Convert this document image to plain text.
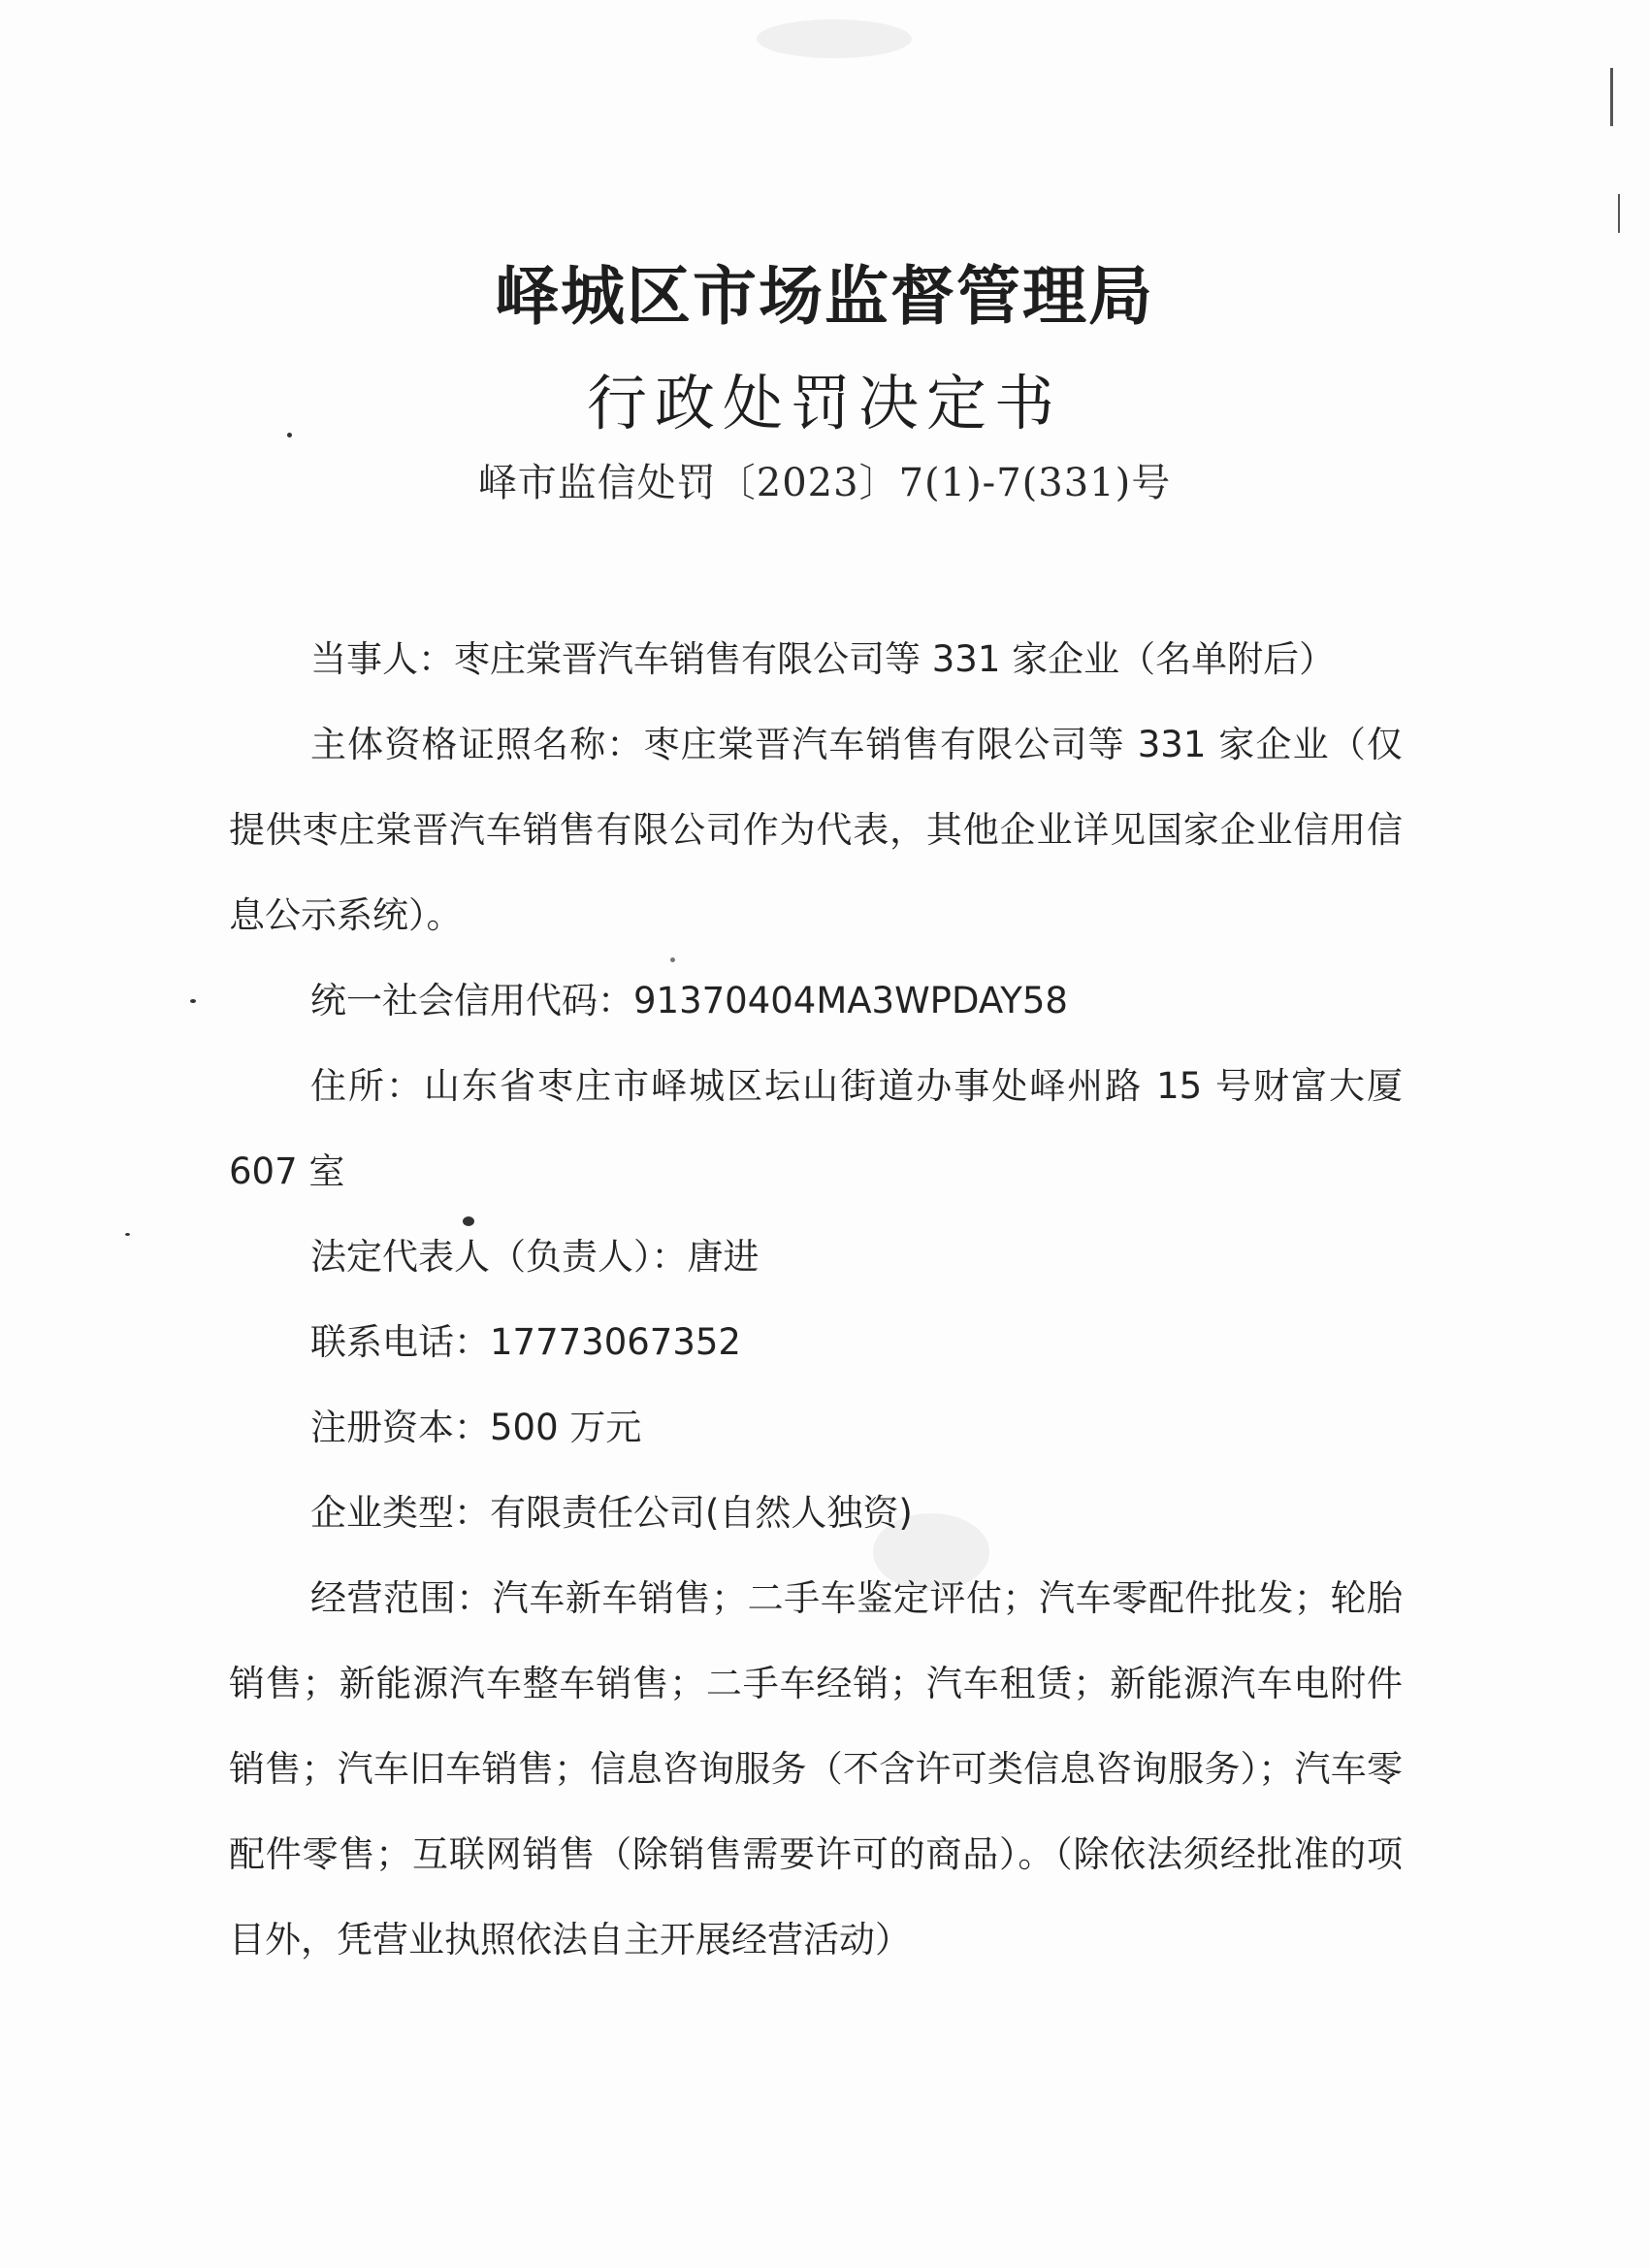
峄城区市场监督管理局
行政处罚决定书
峄市监信处罚〔2023〕7(1)-7(331)号

当事人：枣庄棠晋汽车销售有限公司等 331 家企业（名单附后）

主体资格证照名称：枣庄棠晋汽车销售有限公司等 331 家企业（仅提供枣庄棠晋汽车销售有限公司作为代表，其他企业详见国家企业信用信息公示系统）。

统一社会信用代码：91370404MA3WPDAY58

住所：山东省枣庄市峄城区坛山街道办事处峄州路 15 号财富大厦 607 室

法定代表人（负责人）：唐进

联系电话：17773067352

注册资本：500 万元

企业类型：有限责任公司(自然人独资)

经营范围：汽车新车销售；二手车鉴定评估；汽车零配件批发；轮胎销售；新能源汽车整车销售；二手车经销；汽车租赁；新能源汽车电附件销售；汽车旧车销售；信息咨询服务（不含许可类信息咨询服务）；汽车零配件零售；互联网销售（除销售需要许可的商品）。（除依法须经批准的项目外，凭营业执照依法自主开展经营活动）
